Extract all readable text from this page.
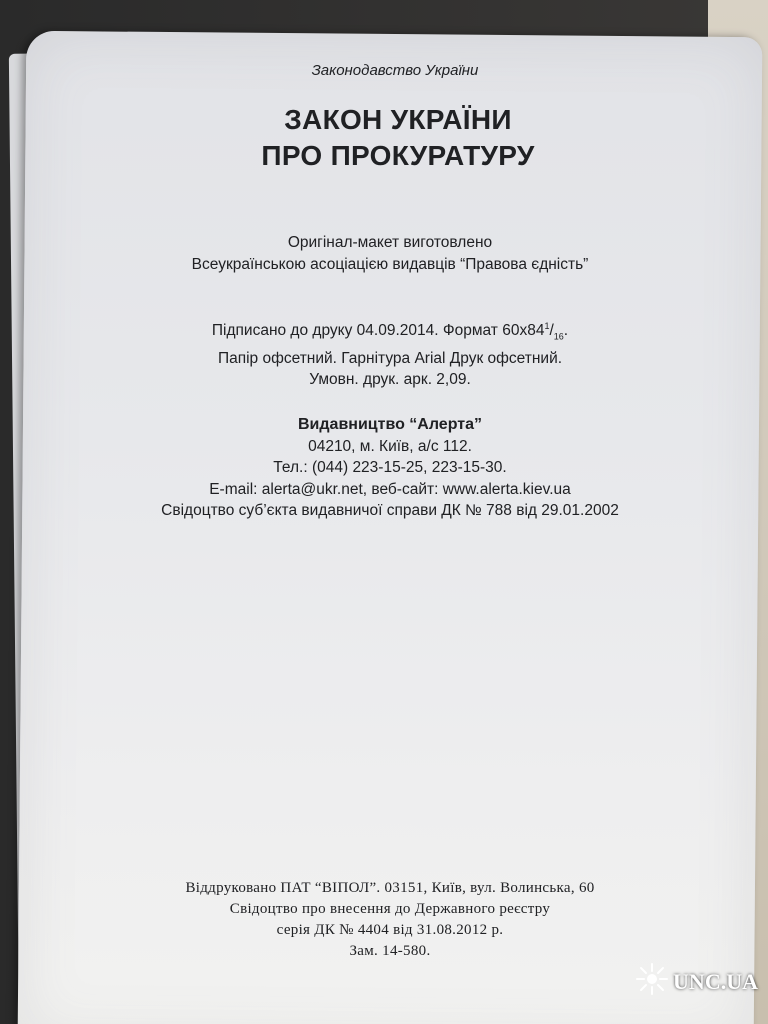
Законодавство України
ЗАКОН УКРАЇНИ
ПРО ПРОКУРАТУРУ
Оригінал-макет виготовлено
Всеукраїнською асоціацією видавців “Правова єдність”
Підписано до друку 04.09.2014. Формат $60x84^1/_{16}$.
Папір офсетний. Гарнітура Arial Друк офсетний.
Умовн. друк. арк. 2,09.
Видавництво “Алерта”
04210, м. Київ, а/с 112.
Тел.: (044) 223-15-25, 223-15-30.
E-mail: alerta@ukr.net, веб-сайт: www.alerta.kiev.ua
Свідоцтво суб’єкта видавничої справи ДК № 788 від 29.01.2002
Віддруковано ПАТ “ВІПОЛ”. 03151, Київ, вул. Волинська, 60
Свідоцтво про внесення до Державного реєстру
серія ДК № 4404 від 31.08.2012 р.
Зам. 14-580.
UNC.UA
